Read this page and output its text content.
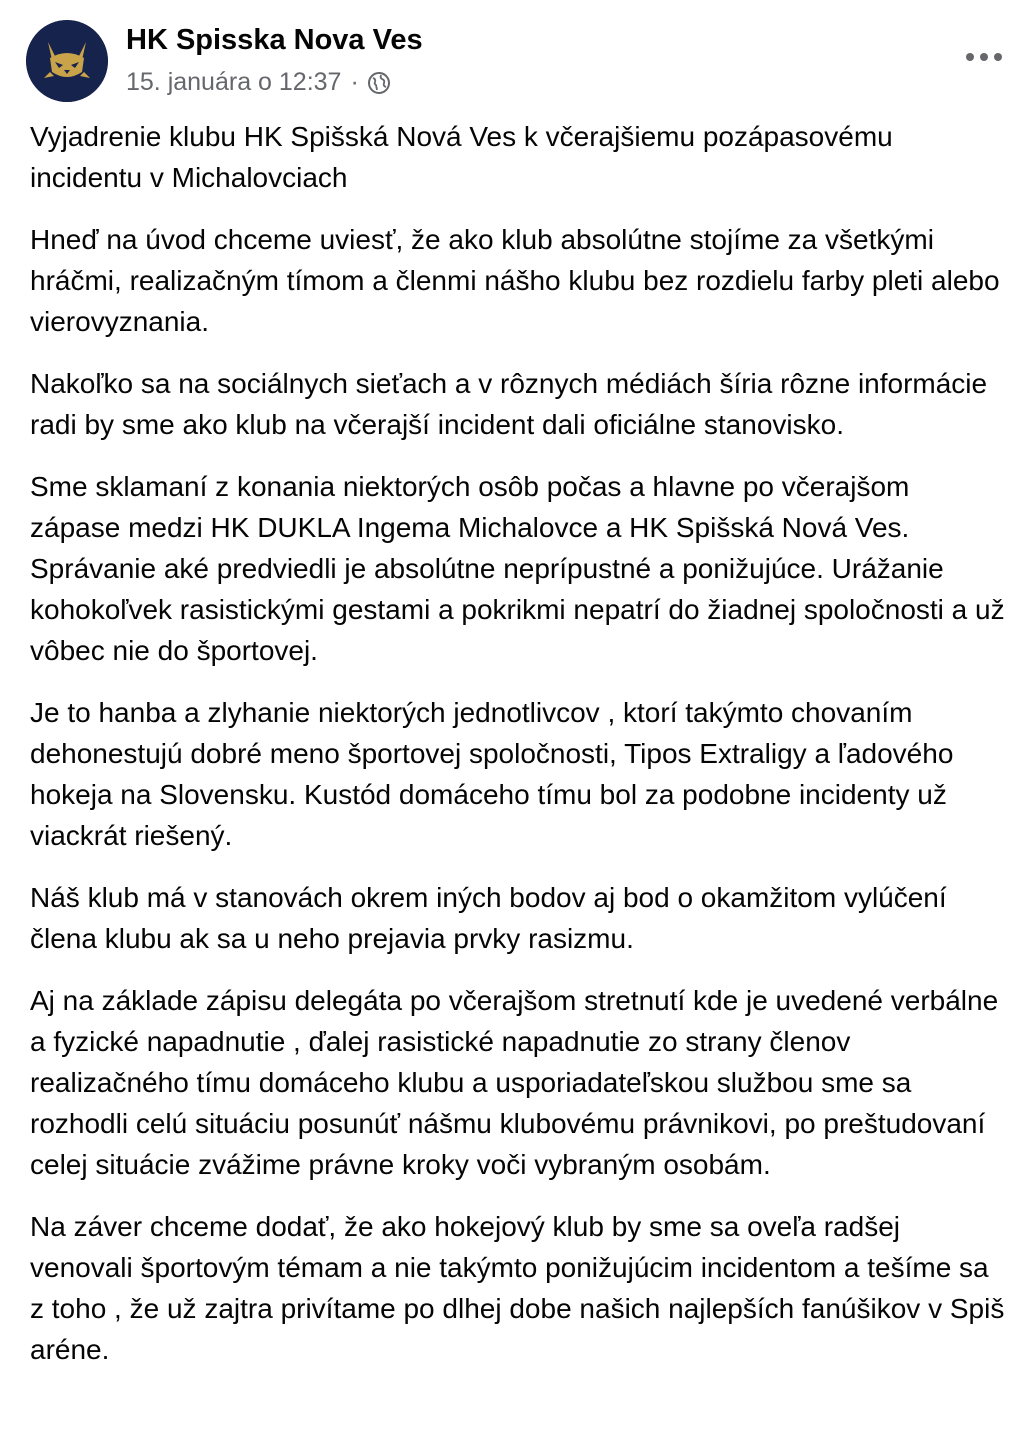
HK Spisska Nova Ves
15. januára o 12:37 ·

Vyjadrenie klubu HK Spišská Nová Ves k včerajšiemu pozápasovému incidentu v Michalovciach

Hneď na úvod chceme uviesť, že ako klub absolútne stojíme za všetkými hráčmi, realizačným tímom a členmi nášho klubu bez rozdielu farby pleti alebo vierovyznania.

Nakoľko sa na sociálnych sieťach a v rôznych médiách šíria rôzne informácie radi by sme ako klub na včerajší incident dali oficiálne stanovisko.

Sme sklamaní z konania niektorých osôb počas a hlavne po včerajšom zápase medzi HK DUKLA Ingema Michalovce a HK Spišská Nová Ves. Správanie aké predviedli je absolútne neprípustné a ponižujúce. Urážanie kohokoľvek rasistickými gestami a pokrikmi nepatrí do žiadnej spoločnosti a už vôbec nie do športovej.

Je to hanba a zlyhanie niektorých jednotlivcov , ktorí takýmto chovaním dehonestujú dobré meno športovej spoločnosti, Tipos Extraligy a ľadového hokeja na Slovensku. Kustód domáceho tímu bol za podobne incidenty už viackrát riešený.

Náš klub má v stanovách okrem iných bodov aj bod o okamžitom vylúčení člena klubu ak sa u neho prejavia prvky rasizmu.

Aj na základe zápisu delegáta po včerajšom stretnutí kde je uvedené verbálne a fyzické napadnutie , ďalej rasistické napadnutie zo strany členov realizačného tímu domáceho klubu a usporiadateľskou službou sme sa rozhodli celú situáciu posunúť nášmu klubovému právnikovi, po preštudovaní celej situácie zvážime právne kroky voči vybraným osobám.

Na záver chceme dodať, že ako hokejový klub by sme sa oveľa radšej venovali športovým témam a nie takýmto ponižujúcim incidentom a tešíme sa z toho , že už zajtra privítame po dlhej dobe našich najlepších fanúšikov v Spiš aréne.
